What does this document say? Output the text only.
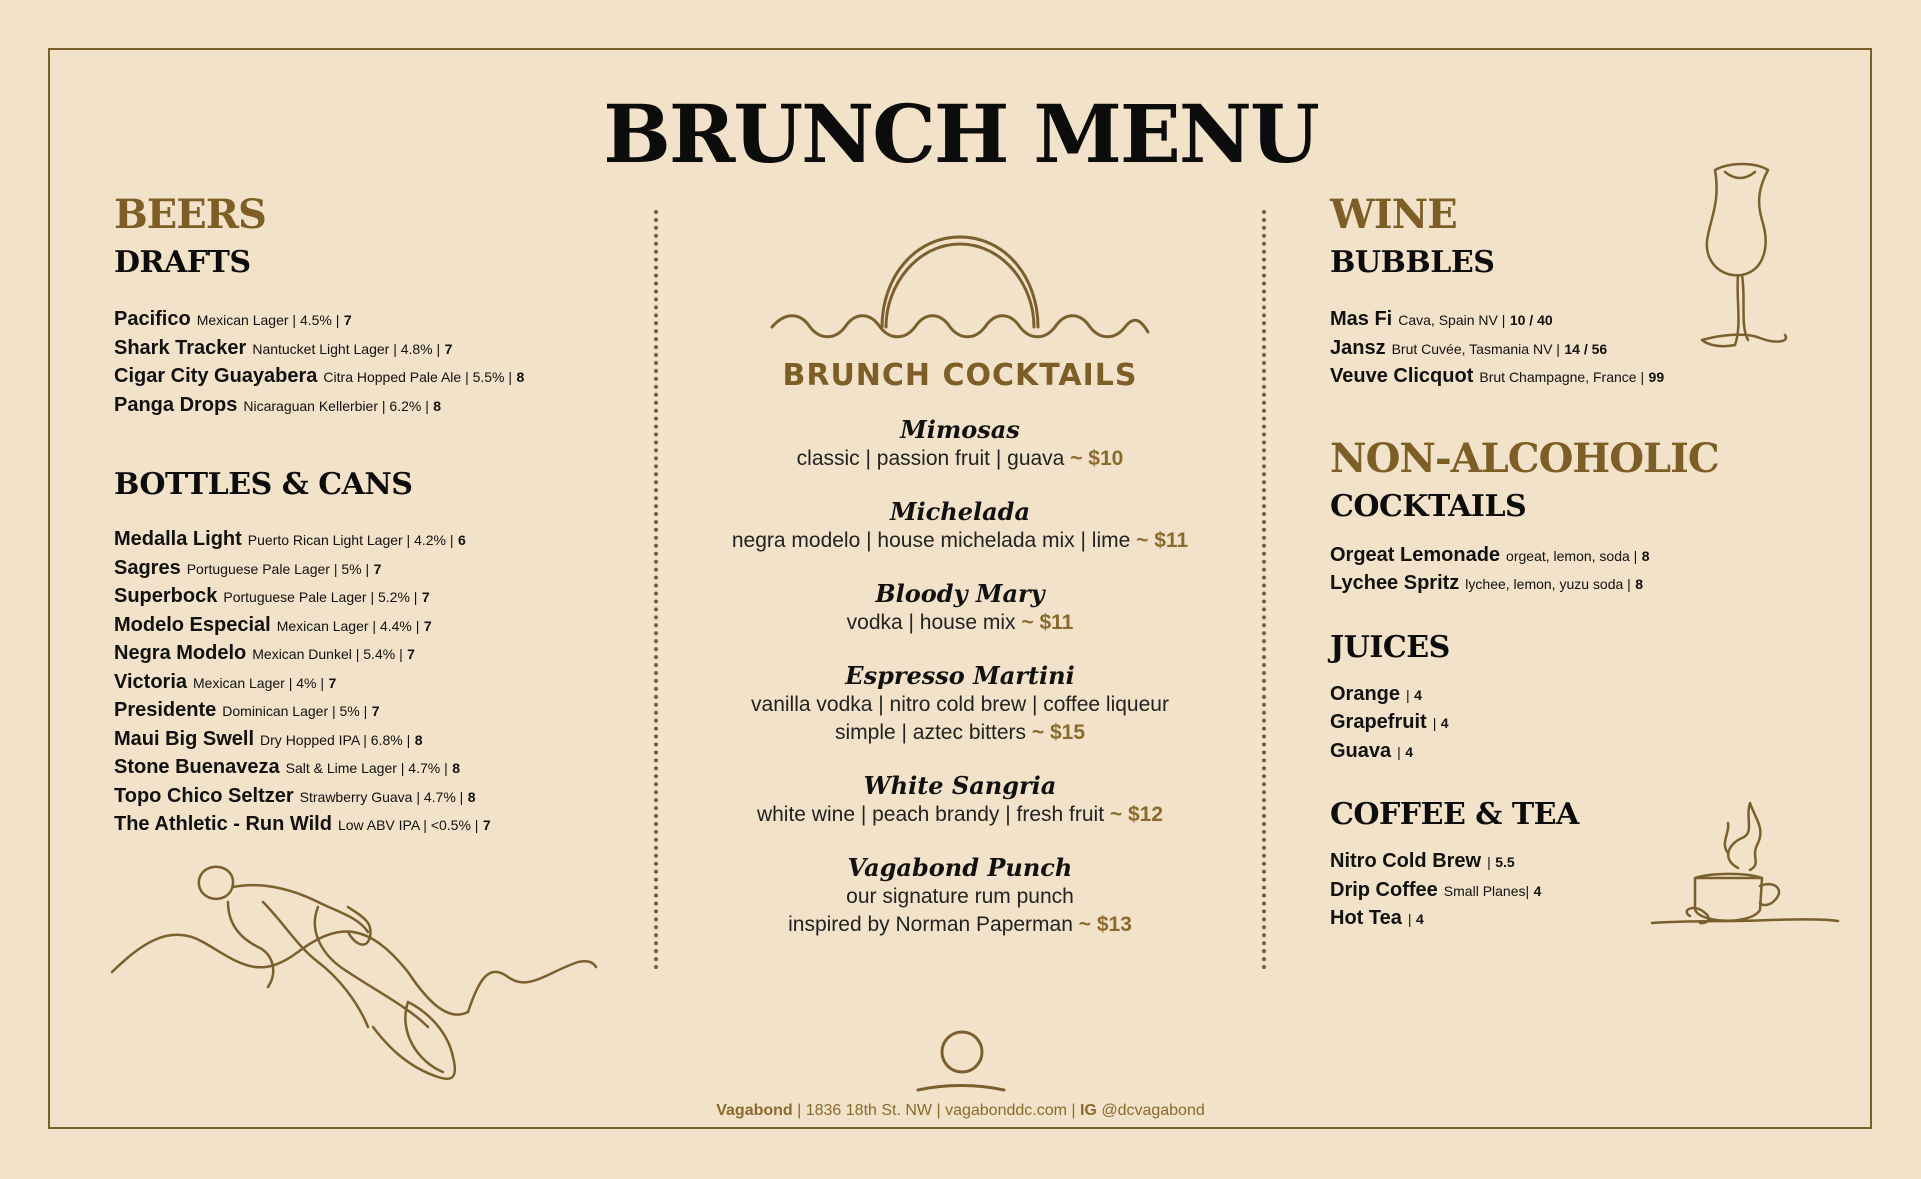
BRUNCH MENU
BEERS
DRAFTS
Pacifico Mexican Lager | 4.5% | 7
Shark Tracker Nantucket Light Lager | 4.8% | 7
Cigar City Guayabera Citra Hopped Pale Ale | 5.5% | 8
Panga Drops Nicaraguan Kellerbier | 6.2% | 8
BOTTLES & CANS
Medalla Light Puerto Rican Light Lager | 4.2% | 6
Sagres Portuguese Pale Lager | 5% | 7
Superbock Portuguese Pale Lager | 5.2% | 7
Modelo Especial Mexican Lager | 4.4% | 7
Negra Modelo Mexican Dunkel | 5.4% | 7
Victoria Mexican Lager | 4% | 7
Presidente Dominican Lager | 5% | 7
Maui Big Swell Dry Hopped IPA | 6.8% | 8
Stone Buenaveza Salt & Lime Lager | 4.7% | 8
Topo Chico Seltzer Strawberry Guava | 4.7% | 8
The Athletic - Run Wild Low ABV IPA | <0.5% | 7
BRUNCH COCKTAILS
Mimosas
classic | passion fruit | guava ~ $10
Michelada
negra modelo | house michelada mix | lime ~ $11
Bloody Mary
vodka | house mix ~ $11
Espresso Martini
vanilla vodka | nitro cold brew | coffee liqueur
simple | aztec bitters ~ $15
White Sangria
white wine | peach brandy | fresh fruit ~ $12
Vagabond Punch
our signature rum punch
inspired by Norman Paperman ~ $13
WINE
BUBBLES
Mas Fi Cava, Spain NV | 10 / 40
Jansz Brut Cuvée, Tasmania NV | 14 / 56
Veuve Clicquot Brut Champagne, France | 99
NON-ALCOHOLIC
COCKTAILS
Orgeat Lemonade orgeat, lemon, soda | 8
Lychee Spritz lychee, lemon, yuzu soda | 8
JUICES
Orange | 4
Grapefruit | 4
Guava | 4
COFFEE & TEA
Nitro Cold Brew | 5.5
Drip Coffee Small Planes| 4
Hot Tea | 4
Vagabond | 1836 18th St. NW | vagabonddc.com | IG @dcvagabond
